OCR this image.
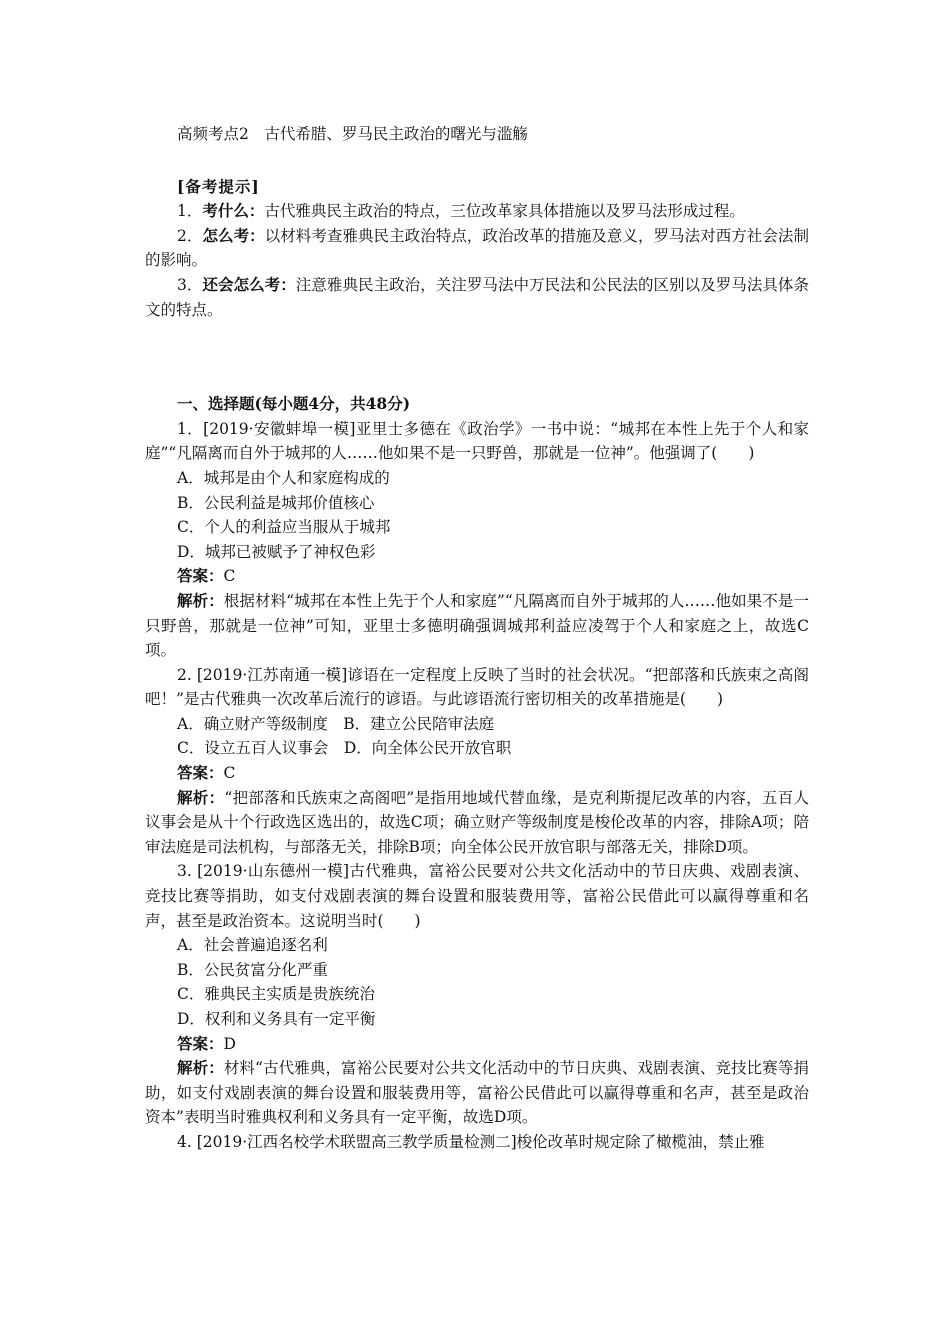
高频考点2　古代希腊、罗马民主政治的曙光与滥觞
[备考提示]

1．考什么：古代雅典民主政治的特点，三位改革家具体措施以及罗马法形成过程。

2．怎么考：以材料考查雅典民主政治特点，政治改革的措施及意义，罗马法对西方社会法制的影响。

3．还会怎么考：注意雅典民主政治，关注罗马法中万民法和公民法的区别以及罗马法具体条文的特点。

一、选择题(每小题4分，共48分)

1．[2019·安徽蚌埠一模]亚里士多德在《政治学》一书中说：“城邦在本性上先于个人和家庭”“凡隔离而自外于城邦的人……他如果不是一只野兽，那就是一位神”。他强调了(　　)

A．城邦是由个人和家庭构成的
B．公民利益是城邦价值核心
C．个人的利益应当服从于城邦
D．城邦已被赋予了神权色彩
答案：C

解析：根据材料“城邦在本性上先于个人和家庭”“凡隔离而自外于城邦的人……他如果不是一只野兽，那就是一位神”可知，亚里士多德明确强调城邦利益应凌驾于个人和家庭之上，故选C项。

2. [2019·江苏南通一模]谚语在一定程度上反映了当时的社会状况。“把部落和氏族束之高阁吧！”是古代雅典一次改革后流行的谚语。与此谚语流行密切相关的改革措施是(　　)

A．确立财产等级制度　B．建立公民陪审法庭
C．设立五百人议事会　D．向全体公民开放官职
答案：C

解析：“把部落和氏族束之高阁吧”是指用地域代替血缘，是克利斯提尼改革的内容，五百人议事会是从十个行政选区选出的，故选C项；确立财产等级制度是梭伦改革的内容，排除A项；陪审法庭是司法机构，与部落无关，排除B项；向全体公民开放官职与部落无关，排除D项。

3. [2019·山东德州一模]古代雅典，富裕公民要对公共文化活动中的节日庆典、戏剧表演、竞技比赛等捐助，如支付戏剧表演的舞台设置和服装费用等，富裕公民借此可以赢得尊重和名声，甚至是政治资本。这说明当时(　　)

A．社会普遍追逐名利
B．公民贫富分化严重
C．雅典民主实质是贵族统治
D．权利和义务具有一定平衡
答案：D

解析：材料“古代雅典，富裕公民要对公共文化活动中的节日庆典、戏剧表演、竞技比赛等捐助，如支付戏剧表演的舞台设置和服装费用等，富裕公民借此可以赢得尊重和名声，甚至是政治资本”表明当时雅典权利和义务具有一定平衡，故选D项。

4. [2019·江西名校学术联盟高三教学质量检测二]梭伦改革时规定除了橄榄油，禁止雅
